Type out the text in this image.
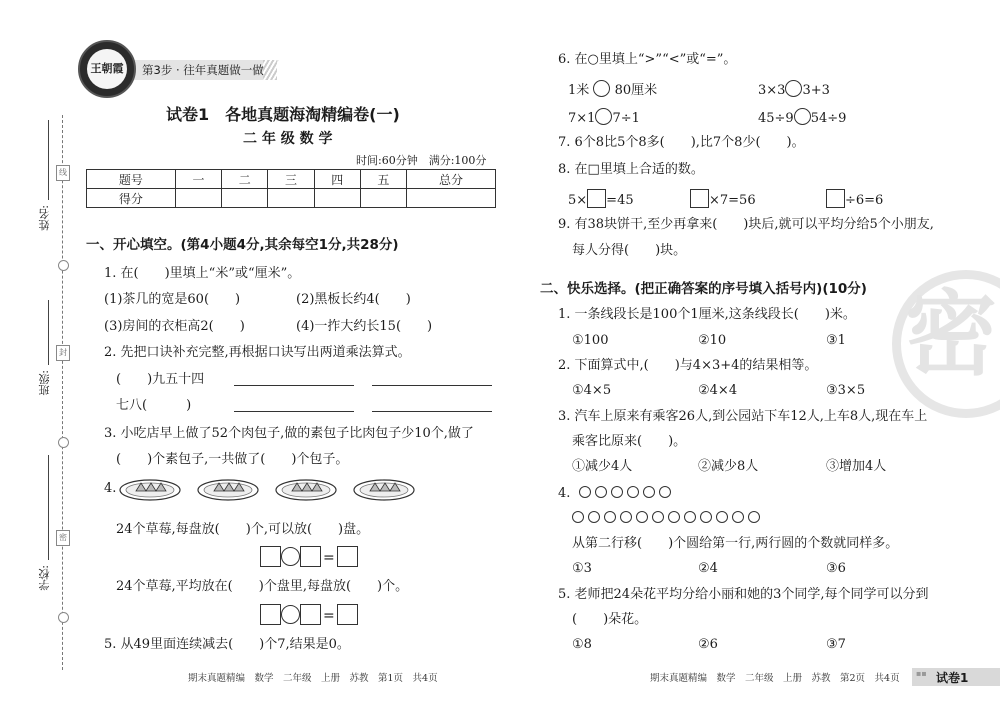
姓名:
班级:
学校:
线
封
密
第3步 · 往年真题做一做
王朝霞
试卷1　各地真题海淘精编卷(一)
二 年 级 数 学
时间:60分钟　满分:100分
题号	一	二	三	四	五	总分
得分						
一、开心填空。(第4小题4分,其余每空1分,共28分)
1. 在(　　)里填上“米”或“厘米”。
(1)茶几的宽是60(　　)	(2)黑板长约4(　　)
(3)房间的衣柜高2(　　)	(4)一拃大约长15(　　)
2. 先把口诀补充完整,再根据口诀写出两道乘法算式。
(　　)九五十四
七八(　　　)
3. 小吃店早上做了52个肉包子,做的素包子比肉包子少10个,做了
(　　)个素包子,一共做了(　　)个包子。
4.
24个草莓,每盘放(　　)个,可以放(　　)盘。
=
24个草莓,平均放在(　　)个盘里,每盘放(　　)个。
=
5. 从49里面连续减去(　　)个7,结果是0。
期末真题精编　数学　二年级　上册　苏教　第1页　共4页
6. 在○里填上“>”“<”或“=”。
1米 80厘米	3×3 3+3
7×1 7÷1	45÷9 54÷9
7. 6个8比5个8多(　　),比7个8少(　　)。
8. 在□里填上合适的数。
5× =45	×7=56	÷6=6
9. 有38块饼干,至少再拿来(　　)块后,就可以平均分给5个小朋友,
每人分得(　　)块。
密
二、快乐选择。(把正确答案的序号填入括号内)(10分)
1. 一条线段长是100个1厘米,这条线段长(　　)米。
①100	②10	③1
2. 下面算式中,(　　)与4×3+4的结果相等。
①4×5	②4×4	③3×5
3. 汽车上原来有乘客26人,到公园站下车12人,上车8人,现在车上
乘客比原来(　　)。
①减少4人	②减少8人	③增加4人
4.
从第二行移(　　)个圆给第一行,两行圆的个数就同样多。
①3	②4	③6
5. 老师把24朵花平均分给小丽和她的3个同学,每个同学可以分到
(　　)朵花。
①8	②6	③7
期末真题精编　数学　二年级　上册　苏教　第2页　共4页 ▪▪ 试卷1
